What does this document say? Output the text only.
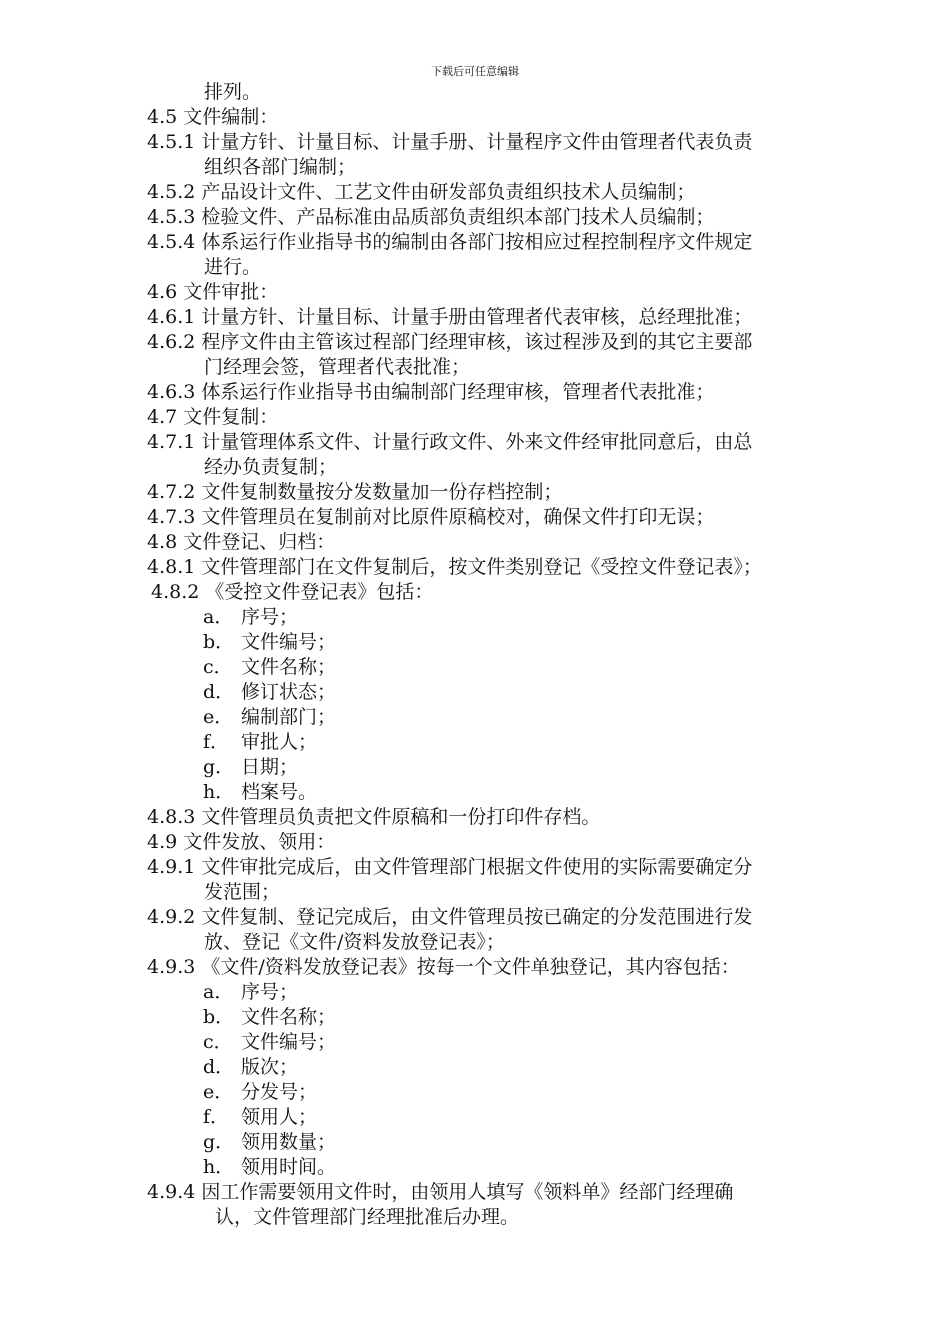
下载后可任意编辑
排列。
4.5 文件编制：
4.5.1 计量方针、计量目标、计量手册、计量程序文件由管理者代表负责
组织各部门编制；
4.5.2 产品设计文件、工艺文件由研发部负责组织技术人员编制；
4.5.3 检验文件、产品标准由品质部负责组织本部门技术人员编制；
4.5.4 体系运行作业指导书的编制由各部门按相应过程控制程序文件规定
进行。
4.6 文件审批：
4.6.1 计量方针、计量目标、计量手册由管理者代表审核，总经理批准；
4.6.2 程序文件由主管该过程部门经理审核，该过程涉及到的其它主要部
门经理会签，管理者代表批准；
4.6.3 体系运行作业指导书由编制部门经理审核，管理者代表批准；
4.7 文件复制：
4.7.1 计量管理体系文件、计量行政文件、外来文件经审批同意后，由总
经办负责复制；
4.7.2 文件复制数量按分发数量加一份存档控制；
4.7.3 文件管理员在复制前对比原件原稿校对，确保文件打印无误；
4.8 文件登记、归档：
4.8.1 文件管理部门在文件复制后，按文件类别登记《受控文件登记表》；
4.8.2 《受控文件登记表》包括：
a． 序号；
b． 文件编号；
c． 文件名称；
d． 修订状态；
e． 编制部门；
f． 审批人；
g． 日期；
h． 档案号。
4.8.3 文件管理员负责把文件原稿和一份打印件存档。
4.9 文件发放、领用：
4.9.1 文件审批完成后，由文件管理部门根据文件使用的实际需要确定分
发范围；
4.9.2 文件复制、登记完成后，由文件管理员按已确定的分发范围进行发
放、登记《文件/资料发放登记表》；
4.9.3 《文件/资料发放登记表》按每一个文件单独登记，其内容包括：
a． 序号；
b． 文件名称；
c． 文件编号；
d． 版次；
e． 分发号；
f． 领用人；
g． 领用数量；
h． 领用时间。
4.9.4 因工作需要领用文件时，由领用人填写《领料单》经部门经理确
认，文件管理部门经理批准后办理。
